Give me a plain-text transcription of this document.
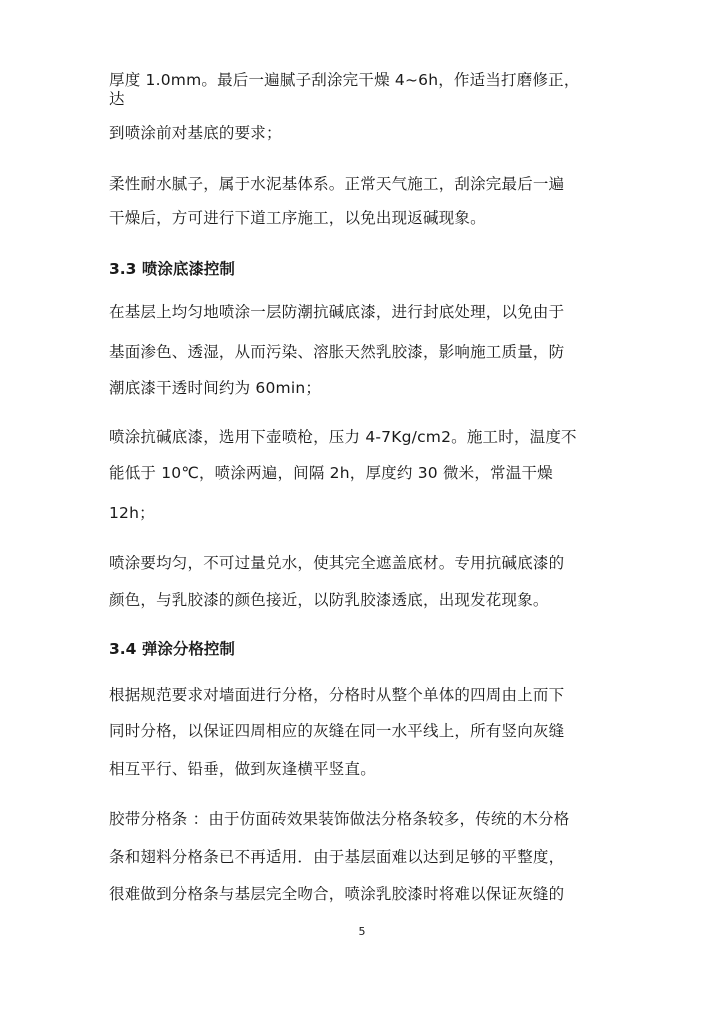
厚度 1.0mm。最后一遍腻子刮涂完干燥 4~6h，作适当打磨修正，
达
到喷涂前对基底的要求；
柔性耐水腻子，属于水泥基体系。正常天气施工，刮涂完最后一遍
干燥后，方可进行下道工序施工，以免出现返碱现象。
3.3 喷涂底漆控制
在基层上均匀地喷涂一层防潮抗碱底漆，进行封底处理，以免由于
基面渗色、透湿，从而污染、溶胀天然乳胶漆，影响施工质量，防
潮底漆干透时间约为 60min；
喷涂抗碱底漆，选用下壶喷枪，压力 4-7Kg/cm2。施工时，温度不
能低于 10℃，喷涂两遍，间隔 2h，厚度约 30 微米，常温干燥
12h；
喷涂要均匀，不可过量兑水，使其完全遮盖底材。专用抗碱底漆的
颜色，与乳胶漆的颜色接近，以防乳胶漆透底，出现发花现象。
3.4 弹涂分格控制
根据规范要求对墙面进行分格，分格时从整个单体的四周由上而下
同时分格，以保证四周相应的灰缝在同一水平线上，所有竖向灰缝
相互平行、铅垂，做到灰逢横平竖直。
胶带分格条 ：由于仿面砖效果装饰做法分格条较多，传统的木分格
条和翅料分格条已不再适用．由于基层面难以达到足够的平整度，
很难做到分格条与基层完全吻合，喷涂乳胶漆时将难以保证灰缝的
5
